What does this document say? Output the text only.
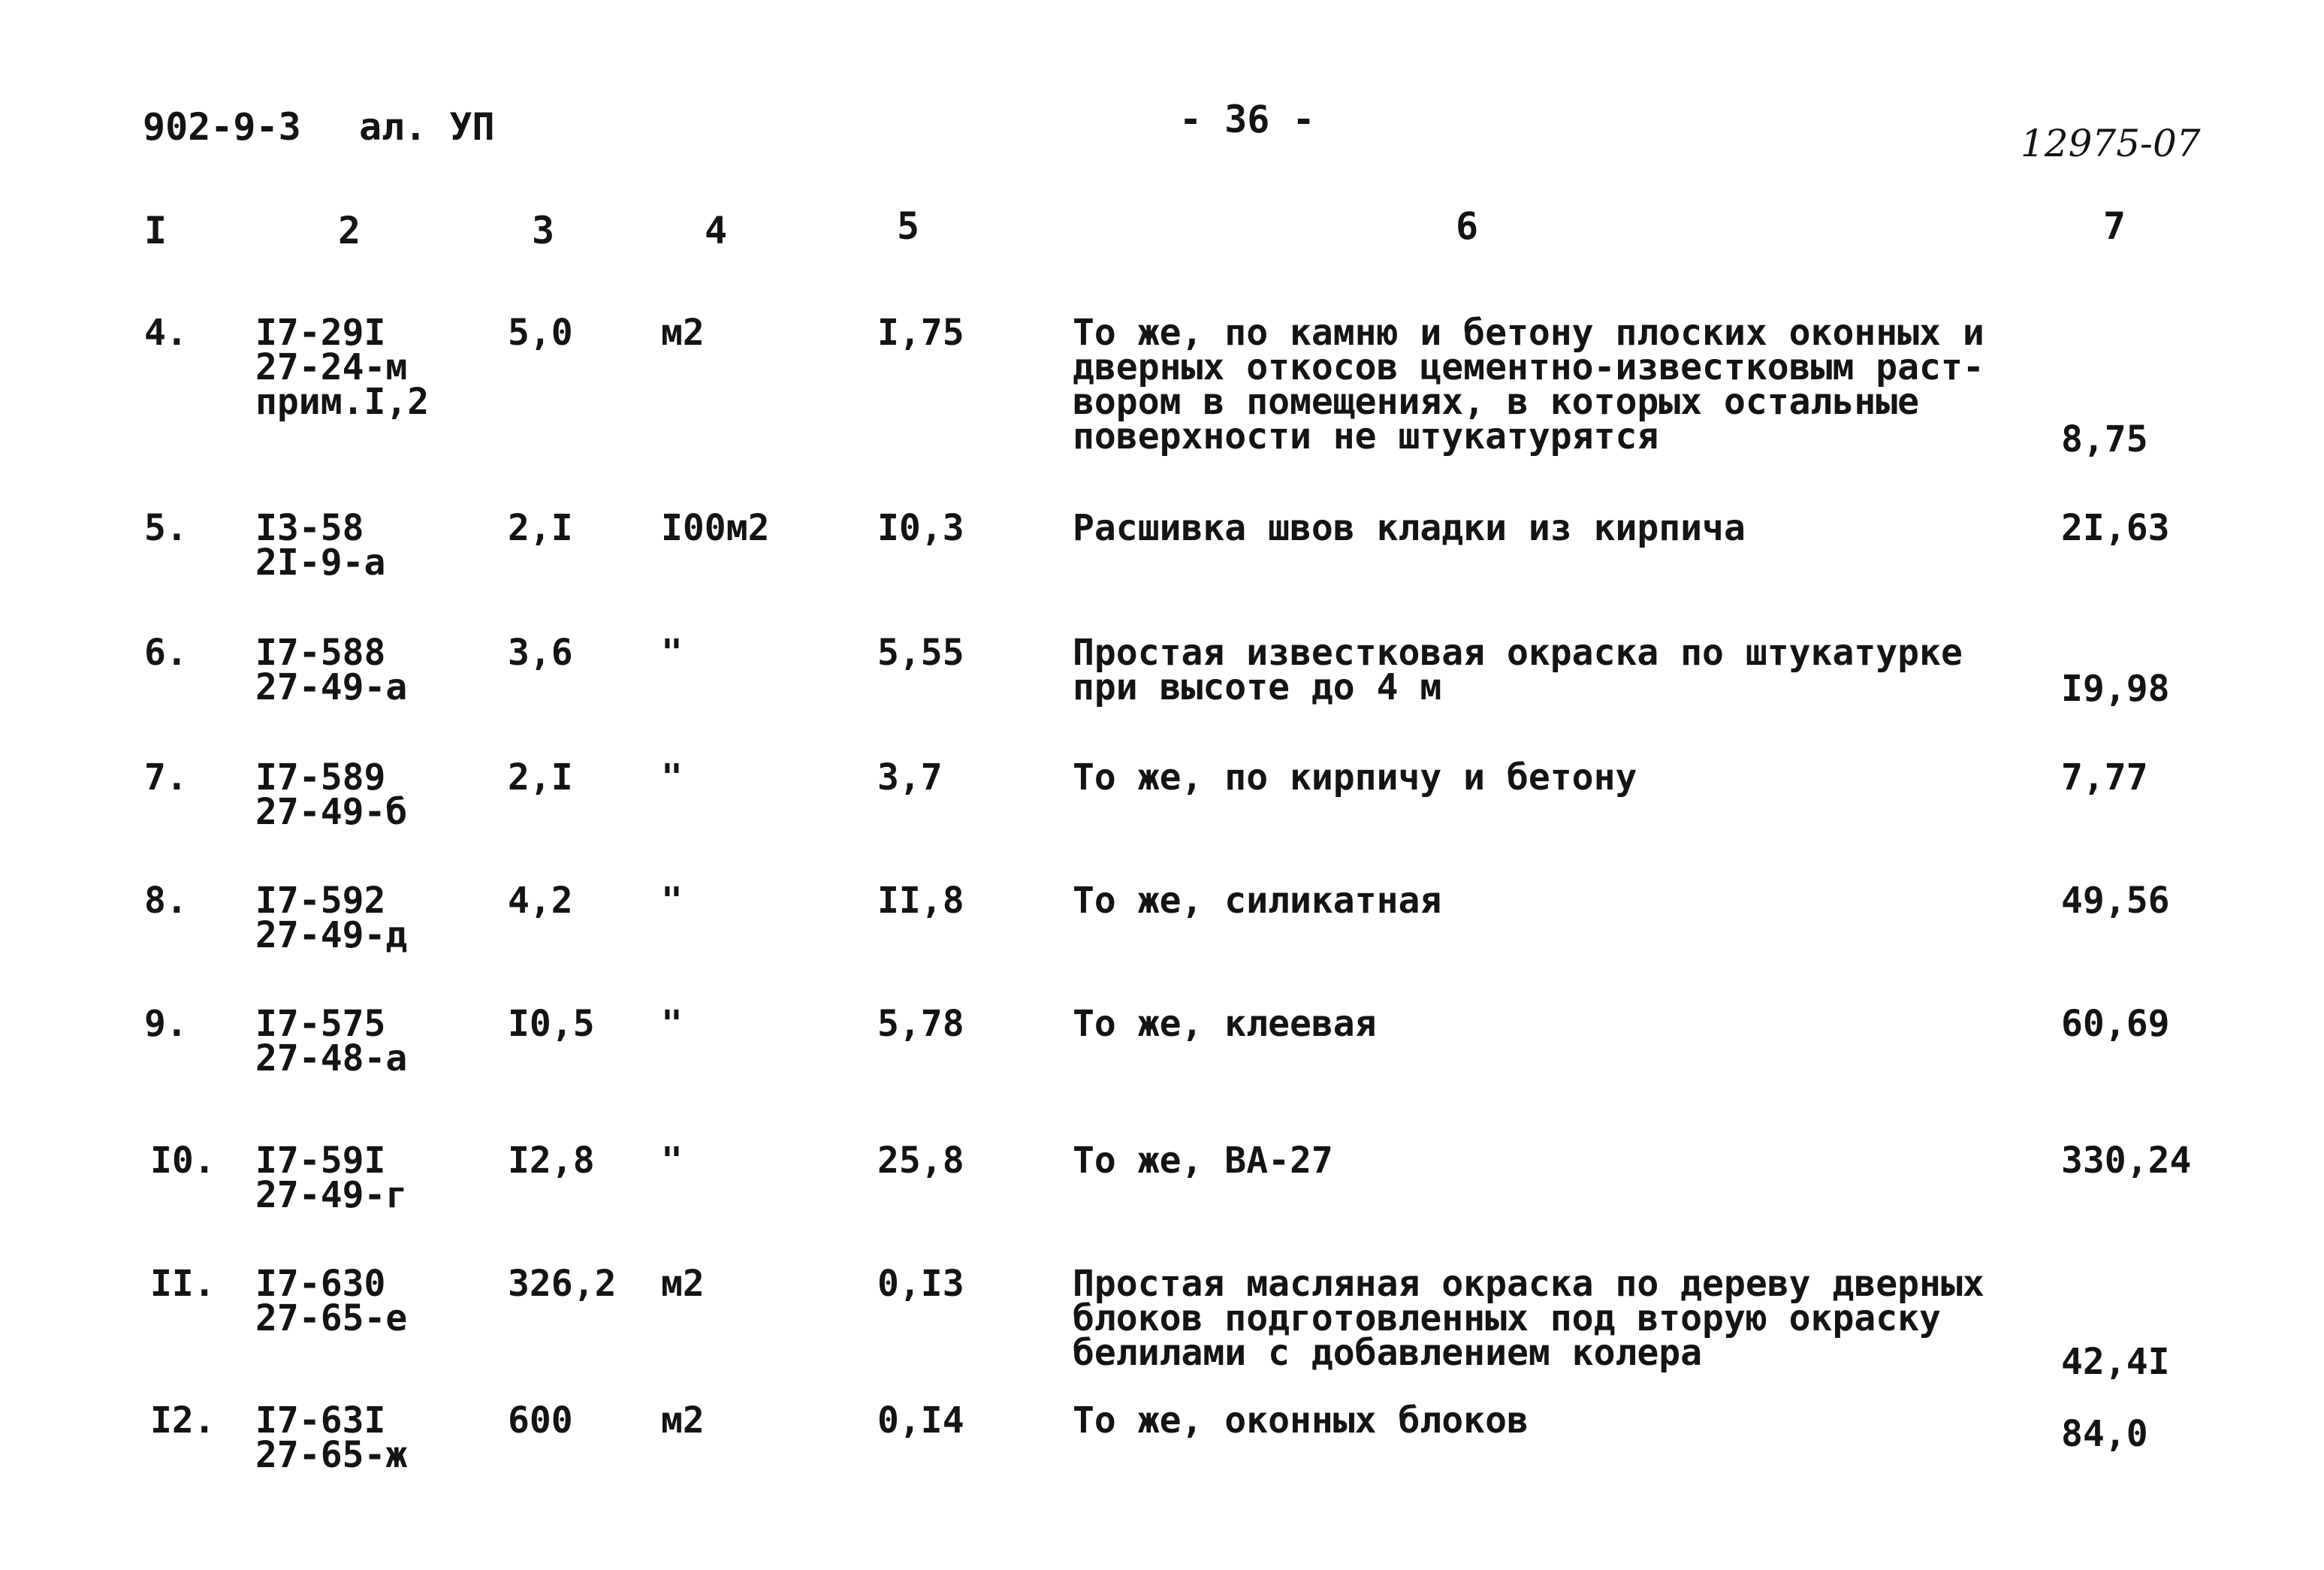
902-9-3 ал. УП	- 36 -
12975-07
I	2	3	4	5	6	7
4. I7-29I
27-24-м
прим.I,2
5,0 м2	I,75	То же, по камню и бетону плоских оконных и
дверных откосов цементно-известковым раст-
вором в помещениях, в которых остальные
поверхности не штукатурятся	8,75
5. I3-58
2I-9-а
2,I I00м2	I0,3	Расшивка швов кладки из кирпича	2I,63
6. I7-588
27-49-а
3,6 "	5,55	Простая известковая окраска по штукатурке
при высоте до 4 м	I9,98
7. I7-589
27-49-б
2,I "	3,7	То же, по кирпичу и бетону	7,77
8. I7-592
27-49-д
4,2 "	II,8	То же, силикатная	49,56
9. I7-575
27-48-а
I0,5 "	5,78	То же, клеевая	60,69
I0. I7-59I
27-49-г
I2,8 "	25,8	То же, ВА-27	330,24
II. I7-630
27-65-е
326,2 м2	0,I3	Простая масляная окраска по дереву дверных
блоков подготовленных под вторую окраску
белилами с добавлением колера	42,4I
I2. I7-63I
27-65-ж
600 м2	0,I4	То же, оконных блоков	84,0
